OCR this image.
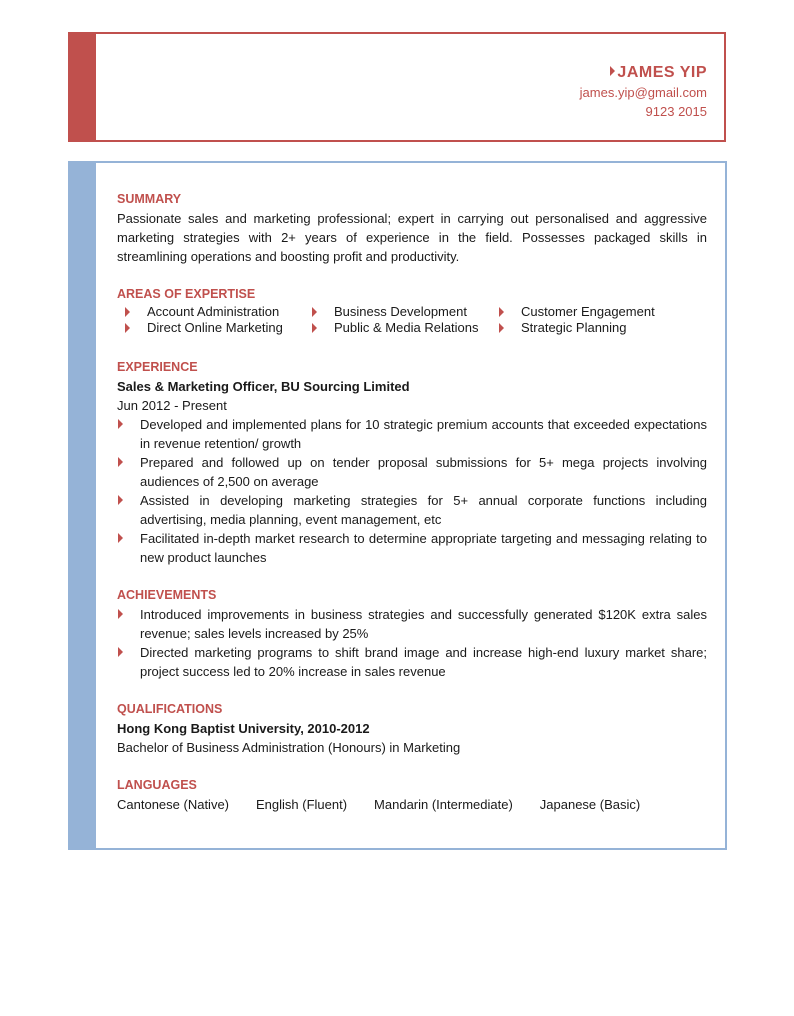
JAMES YIP
james.yip@gmail.com
9123 2015
SUMMARY

Passionate sales and marketing professional; expert in carrying out personalised and aggressive marketing strategies with 2+ years of experience in the field. Possesses packaged skills in streamlining operations and boosting profit and productivity.

AREAS OF EXPERTISE
Account Administration	Business Development	Customer Engagement
Direct Online Marketing	Public & Media Relations	Strategic Planning
EXPERIENCE

Sales & Marketing Officer, BU Sourcing Limited

Jun 2012 - Present

Developed and implemented plans for 10 strategic premium accounts that exceeded expectations in revenue retention/ growth
Prepared and followed up on tender proposal submissions for 5+ mega projects involving audiences of 2,500 on average
Assisted in developing marketing strategies for 5+ annual corporate functions including advertising, media planning, event management, etc
Facilitated in-depth market research to determine appropriate targeting and messaging relating to new product launches
ACHIEVEMENTS
Introduced improvements in business strategies and successfully generated $120K extra sales revenue; sales levels increased by 25%
Directed marketing programs to shift brand image and increase high-end luxury market share; project success led to 20% increase in sales revenue
QUALIFICATIONS

Hong Kong Baptist University, 2010-2012

Bachelor of Business Administration (Honours) in Marketing

LANGUAGES
Cantonese (Native) English (Fluent) Mandarin (Intermediate) Japanese (Basic)
